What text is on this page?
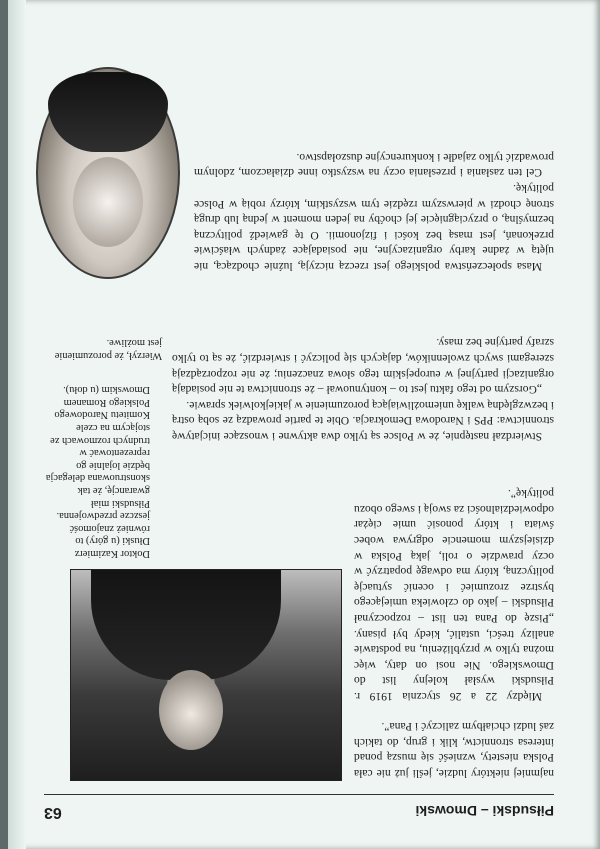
Piłsudski – Dmowski
63

najmniej niektóry ludzie, jeśli już nie cała Polska niestety, wznieść się muszą ponad interesa stronnictw, klik i grup, do takich zaś ludzi chciałbym zaliczyć i Pana”.

Między 22 a 26 stycznia 1919 r. Piłsudski wysłał kolejny list do Dmowskiego. Nie nosi on daty, więc można tylko w przybliżeniu, na podstawie analizy treści, ustalić, kiedy był pisany. „Piszę do Pana ten list – rozpoczynał Piłsudski – jako do człowieka umiejącego bystrze zrozumieć i ocenić sytuację polityczną, który ma odwagę popatrzyć w oczy prawdzie o roli, jaką Polska w dzisiejszym momencie odgrywa wobec świata i który ponosić umie ciężar odpowiedzialności za swoją i swego obozu politykę”.

Doktor Kazimierz Dłuski (u góry) to również znajomość jeszcze przedwojenna. Piłsudski miał gwarancję, że tak skonstruowana delegacja będzie lojalnie go reprezentować w trudnych rozmowach ze stojącym na czele Komitetu Narodowego Polskiego Romanem Dmowskim (u dołu).

Stwierdzał następnie, że w Polsce są tylko dwa aktywne i wnoszące inicjatywę stronnictwa: PPS i Narodowa Demokracja. Obie te partie prowadzą ze sobą ostrą i bezwzględną walkę uniemożliwiającą porozumienie w jakiejkolwiek sprawie.

„Gorszym od tego faktu jest to – kontynuował – że stronnictwa te nie posiadają organizacji partyjnej w europejskim tego słowa znaczeniu; że nie rozporządzają szeregami swych zwolenników, dających się policzyć i stwierdzić, że są to tylko szrafy partyjne bez masy.

Wierzył, że porozumienie jest możliwe.

Masa społeczeństwa polskiego jest rzeczą niczyją, luźnie chodzącą, nie ujętą w żadne karby organizacyjne, nie posiadające żadnych właściwie przekonań, jest masą bez kości i fizjonomii. O tę gawiedź polityczną bezmyślną, o przyciągnięcie jej choćby na jeden moment w jedną lub drugą stronę chodzi w pierwszym rzędzie tym wszystkim, którzy robią w Polsce politykę.

Cel ten zasłania i przesłania oczy na wszystko inne działaczom, zdolnym prowadzić tylko zajadłe i konkurencyjne duszołapstwo.
